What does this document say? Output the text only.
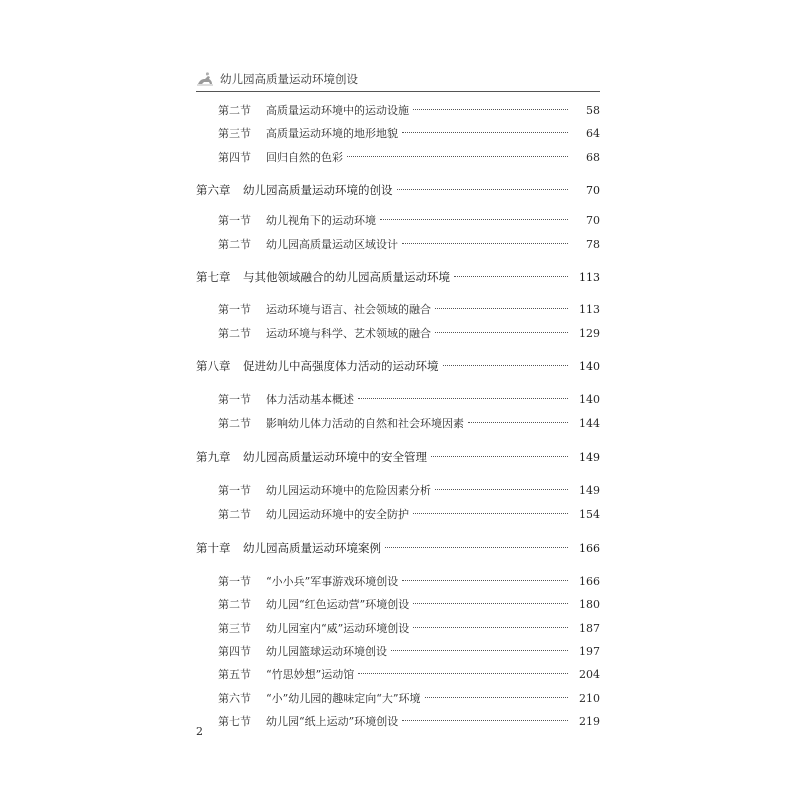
幼儿园高质量运动环境创设
第二节	高质量运动环境中的运动设施	58
第三节	高质量运动环境的地形地貌	64
第四节	回归自然的色彩	68
第六章	幼儿园高质量运动环境的创设	70
第一节	幼儿视角下的运动环境	70
第二节	幼儿园高质量运动区域设计	78
第七章	与其他领域融合的幼儿园高质量运动环境	113
第一节	运动环境与语言、社会领域的融合	113
第二节	运动环境与科学、艺术领域的融合	129
第八章	促进幼儿中高强度体力活动的运动环境	140
第一节	体力活动基本概述	140
第二节	影响幼儿体力活动的自然和社会环境因素	144
第九章	幼儿园高质量运动环境中的安全管理	149
第一节	幼儿园运动环境中的危险因素分析	149
第二节	幼儿园运动环境中的安全防护	154
第十章	幼儿园高质量运动环境案例	166
第一节	“小小兵”军事游戏环境创设	166
第二节	幼儿园“红色运动营”环境创设	180
第三节	幼儿园室内“威”运动环境创设	187
第四节	幼儿园篮球运动环境创设	197
第五节	“竹思妙想”运动馆	204
第六节	“小”幼儿园的趣味定向“大”环境	210
第七节	幼儿园“纸上运动”环境创设	219
2
